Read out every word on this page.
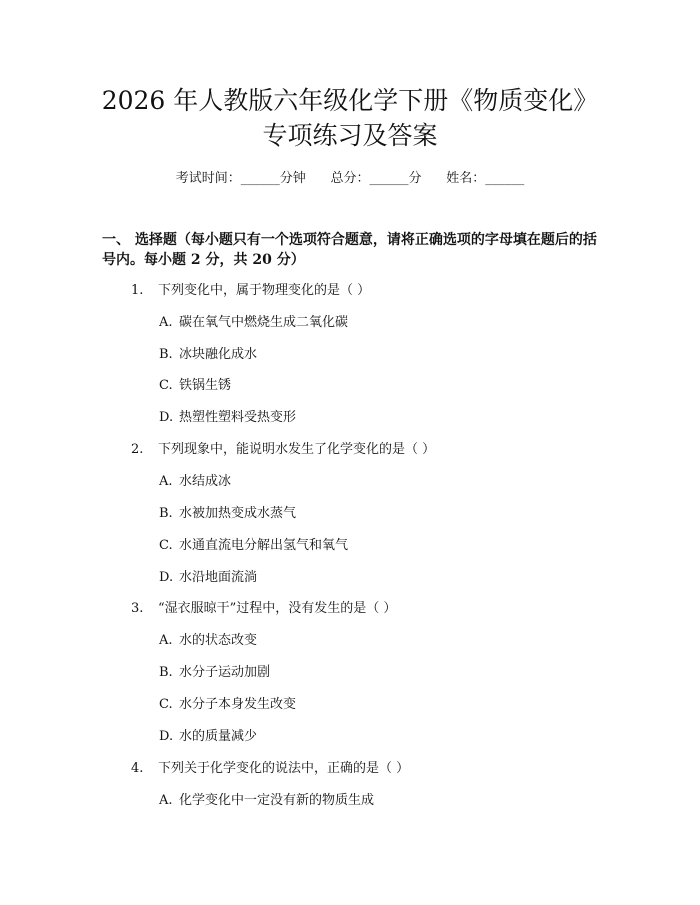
2026 年人教版六年级化学下册《物质变化》
专项练习及答案
考试时间：______分钟      总分：______分      姓名：______
一、 选择题（每小题只有一个选项符合题意，请将正确选项的字母填在题后的括
号内。每小题 2 分，共 20 分）
1. 下列变化中，属于物理变化的是（ ）
A. 碳在氧气中燃烧生成二氧化碳
B. 冰块融化成水
C. 铁锅生锈
D. 热塑性塑料受热变形
2. 下列现象中，能说明水发生了化学变化的是（ ）
A. 水结成冰
B. 水被加热变成水蒸气
C. 水通直流电分解出氢气和氧气
D. 水沿地面流淌
3. “湿衣服晾干”过程中，没有发生的是（ ）
A. 水的状态改变
B. 水分子运动加剧
C. 水分子本身发生改变
D. 水的质量减少
4. 下列关于化学变化的说法中，正确的是（ ）
A. 化学变化中一定没有新的物质生成
